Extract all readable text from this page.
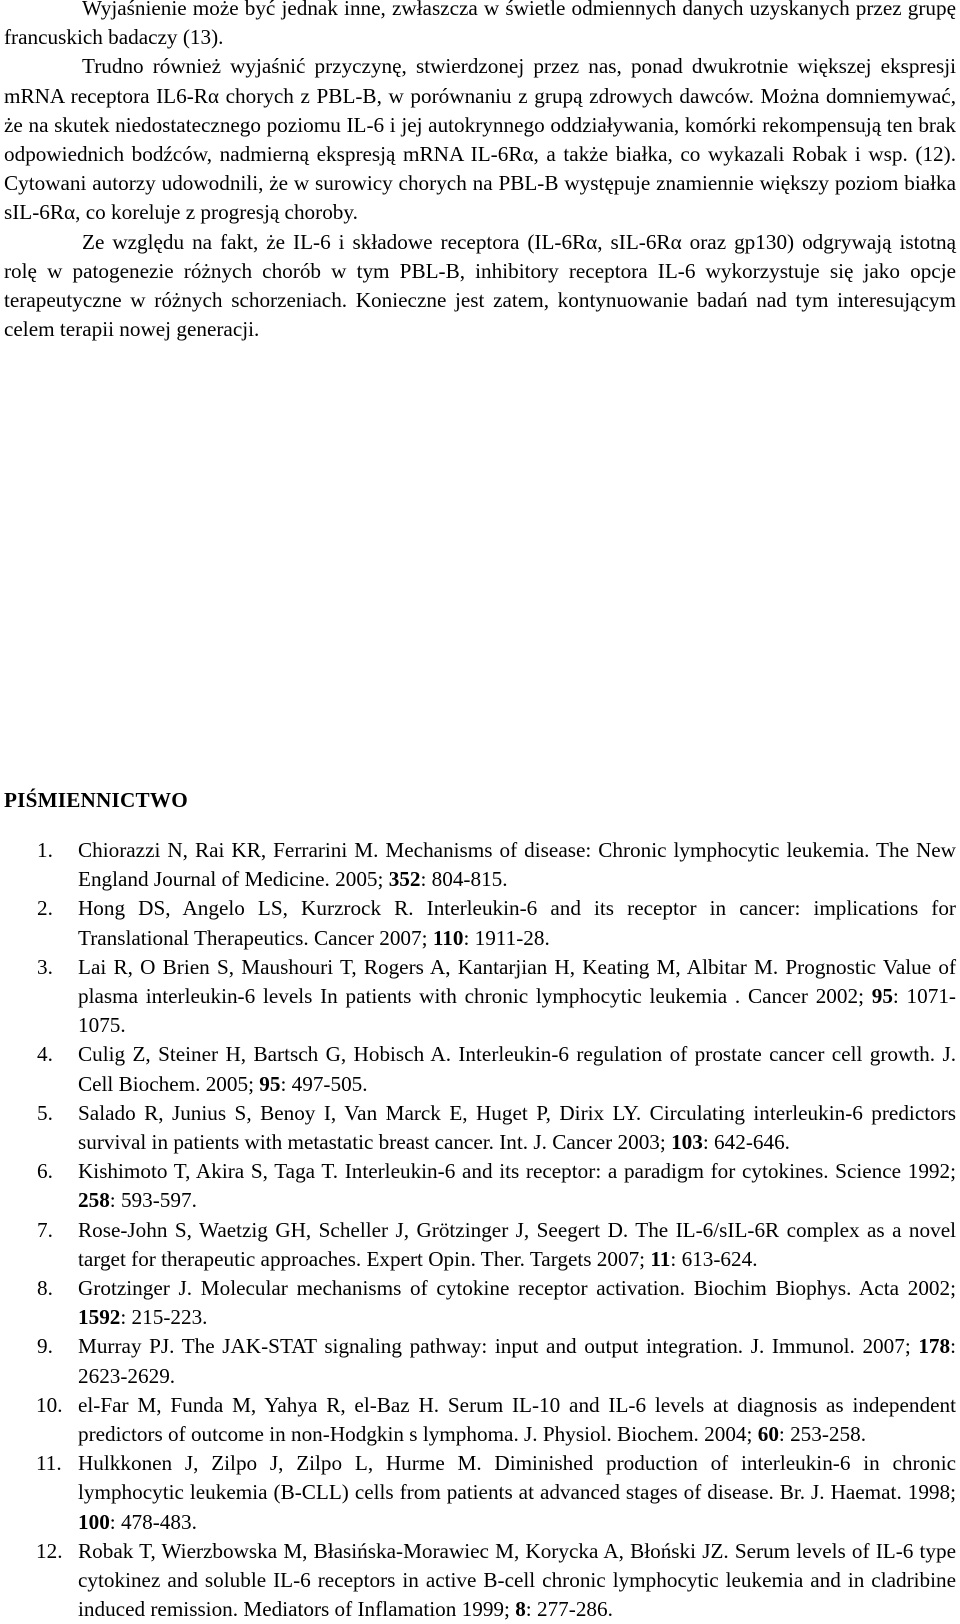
Wyjaśnienie może być jednak inne, zwłaszcza w świetle odmiennych danych uzyskanych przez grupę francuskich badaczy (13).

Trudno również wyjaśnić przyczynę, stwierdzonej przez nas, ponad dwukrotnie większej ekspresji mRNA receptora IL6-Rα chorych z PBL-B, w porównaniu z grupą zdrowych dawców. Można domniemywać, że na skutek niedostatecznego poziomu IL-6 i jej autokrynnego oddziaływania, komórki rekompensują ten brak odpowiednich bodźców, nadmierną ekspresją mRNA IL-6Rα, a także białka, co wykazali Robak i wsp. (12). Cytowani autorzy udowodnili, że w surowicy chorych na PBL-B występuje znamiennie większy poziom białka sIL-6Rα, co koreluje z progresją choroby.

Ze względu na fakt, że IL-6 i składowe receptora (IL-6Rα, sIL-6Rα oraz gp130) odgrywają istotną rolę w patogenezie różnych chorób w tym PBL-B, inhibitory receptora IL-6 wykorzystuje się jako opcje terapeutyczne w różnych schorzeniach. Konieczne jest zatem, kontynuowanie badań nad tym interesującym celem terapii nowej generacji.

PIŚMIENNICTWO
1.	Chiorazzi N, Rai KR, Ferrarini M. Mechanisms of disease: Chronic lymphocytic leukemia. The New England Journal of Medicine. 2005; 352: 804-815.
2.	Hong DS, Angelo LS, Kurzrock R. Interleukin-6 and its receptor in cancer: implications for Translational Therapeutics. Cancer 2007; 110: 1911-28.
3.	Lai R, O Brien S, Maushouri T, Rogers A, Kantarjian H, Keating M, Albitar M. Prognostic Value of plasma interleukin-6 levels In patients with chronic lymphocytic leukemia . Cancer 2002; 95: 1071-1075.
4.	Culig Z, Steiner H, Bartsch G, Hobisch A. Interleukin-6 regulation of prostate cancer cell growth. J. Cell Biochem. 2005; 95: 497-505.
5.	Salado R, Junius S, Benoy I, Van Marck E, Huget P, Dirix LY. Circulating interleukin-6 predictors survival in patients with metastatic breast cancer. Int. J. Cancer 2003; 103: 642-646.
6.	Kishimoto T, Akira S, Taga T. Interleukin-6 and its receptor: a paradigm for cytokines. Science 1992; 258: 593-597.
7.	Rose-John S, Waetzig GH, Scheller J, Grötzinger J, Seegert D. The IL-6/sIL-6R complex as a novel target for therapeutic approaches. Expert Opin. Ther. Targets 2007; 11: 613-624.
8.	Grotzinger J. Molecular mechanisms of cytokine receptor activation. Biochim Biophys. Acta 2002; 1592: 215-223.
9.	Murray PJ. The JAK-STAT signaling pathway: input and output integration. J. Immunol. 2007; 178: 2623-2629.
10. el-Far M, Funda M, Yahya R, el-Baz H. Serum IL-10 and IL-6 levels at diagnosis as independent predictors of outcome in non-Hodgkin s lymphoma. J. Physiol. Biochem. 2004; 60: 253-258.
11. Hulkkonen J, Zilpo J, Zilpo L, Hurme M. Diminished production of interleukin-6 in chronic lymphocytic leukemia (B-CLL) cells from patients at advanced stages of disease. Br. J. Haemat. 1998; 100: 478-483.
12. Robak T, Wierzbowska M, Błasińska-Morawiec M, Korycka A, Błoński JZ. Serum levels of IL-6 type cytokinez and soluble IL-6 receptors in active B-cell chronic lymphocytic leukemia and in cladribine induced remission. Mediators of Inflamation 1999; 8: 277-286.
